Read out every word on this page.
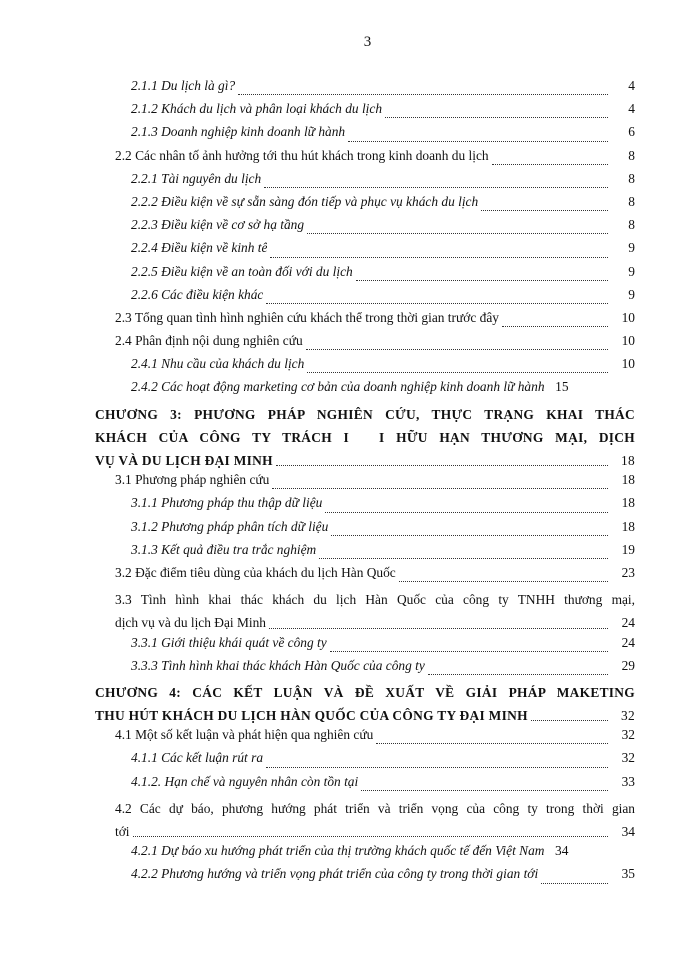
3
2.1.1 Du lịch là gì?	4
2.1.2 Khách du lịch và phân loại khách du lịch	4
2.1.3 Doanh nghiệp kinh doanh lữ hành	6
2.2 Các nhân tố ảnh hưởng tới thu hút khách trong kinh doanh du lịch	8
2.2.1 Tài nguyên du lịch	8
2.2.2 Điều kiện về sự sẵn sàng đón tiếp và phục vụ khách du lịch	8
2.2.3 Điều kiện về cơ sở hạ tầng	8
2.2.4 Điều kiện về kinh tế	9
2.2.5 Điều kiện về an toàn đối với du lịch	9
2.2.6 Các điều kiện khác	9
2.3 Tổng quan tình hình nghiên cứu khách thể trong thời gian trước đây	10
2.4 Phân định nội dung nghiên cứu	10
2.4.1 Nhu cầu của khách du lịch	10
2.4.2 Các hoạt động marketing cơ bản của doanh nghiệp kinh doanh lữ hành 15
CHƯƠNG 3: PHƯƠNG PHÁP NGHIÊN CỨU, THỰC TRẠNG KHAI THÁC
KHÁCH CỦA CÔNG TY TRÁCH I I HỮU HẠN THƯƠNG MẠI, DỊCH
VỤ VÀ DU LỊCH ĐẠI MINH	18
3.1 Phương pháp nghiên cứu	18
3.1.1 Phương pháp thu thập dữ liệu	18
3.1.2 Phương pháp phân tích dữ liệu	18
3.1.3 Kết quả điều tra trắc nghiệm	19
3.2 Đặc điểm tiêu dùng của khách du lịch Hàn Quốc	23
3.3 Tình hình khai thác khách du lịch Hàn Quốc của công ty TNHH thương mại,
dịch vụ và du lịch Đại Minh	24
3.3.1 Giới thiệu khái quát về công ty	24
3.3.3 Tình hình khai thác khách Hàn Quốc của công ty	29
CHƯƠNG 4: CÁC KẾT LUẬN VÀ ĐỀ XUẤT VỀ GIẢI PHÁP MAKETING
THU HÚT KHÁCH DU LỊCH HÀN QUỐC CỦA CÔNG TY ĐẠI MINH	32
4.1 Một số kết luận và phát hiện qua nghiên cứu	32
4.1.1 Các kết luận rút ra	32
4.1.2. Hạn chế và nguyên nhân còn tồn tại	33
4.2 Các dự báo, phương hướng phát triển và triển vọng của công ty trong thời gian
tới	34
4.2.1 Dự báo xu hướng phát triển của thị trường khách quốc tế đến Việt Nam 34
4.2.2 Phương hướng và triển vọng phát triển của công ty trong thời gian tới	35
